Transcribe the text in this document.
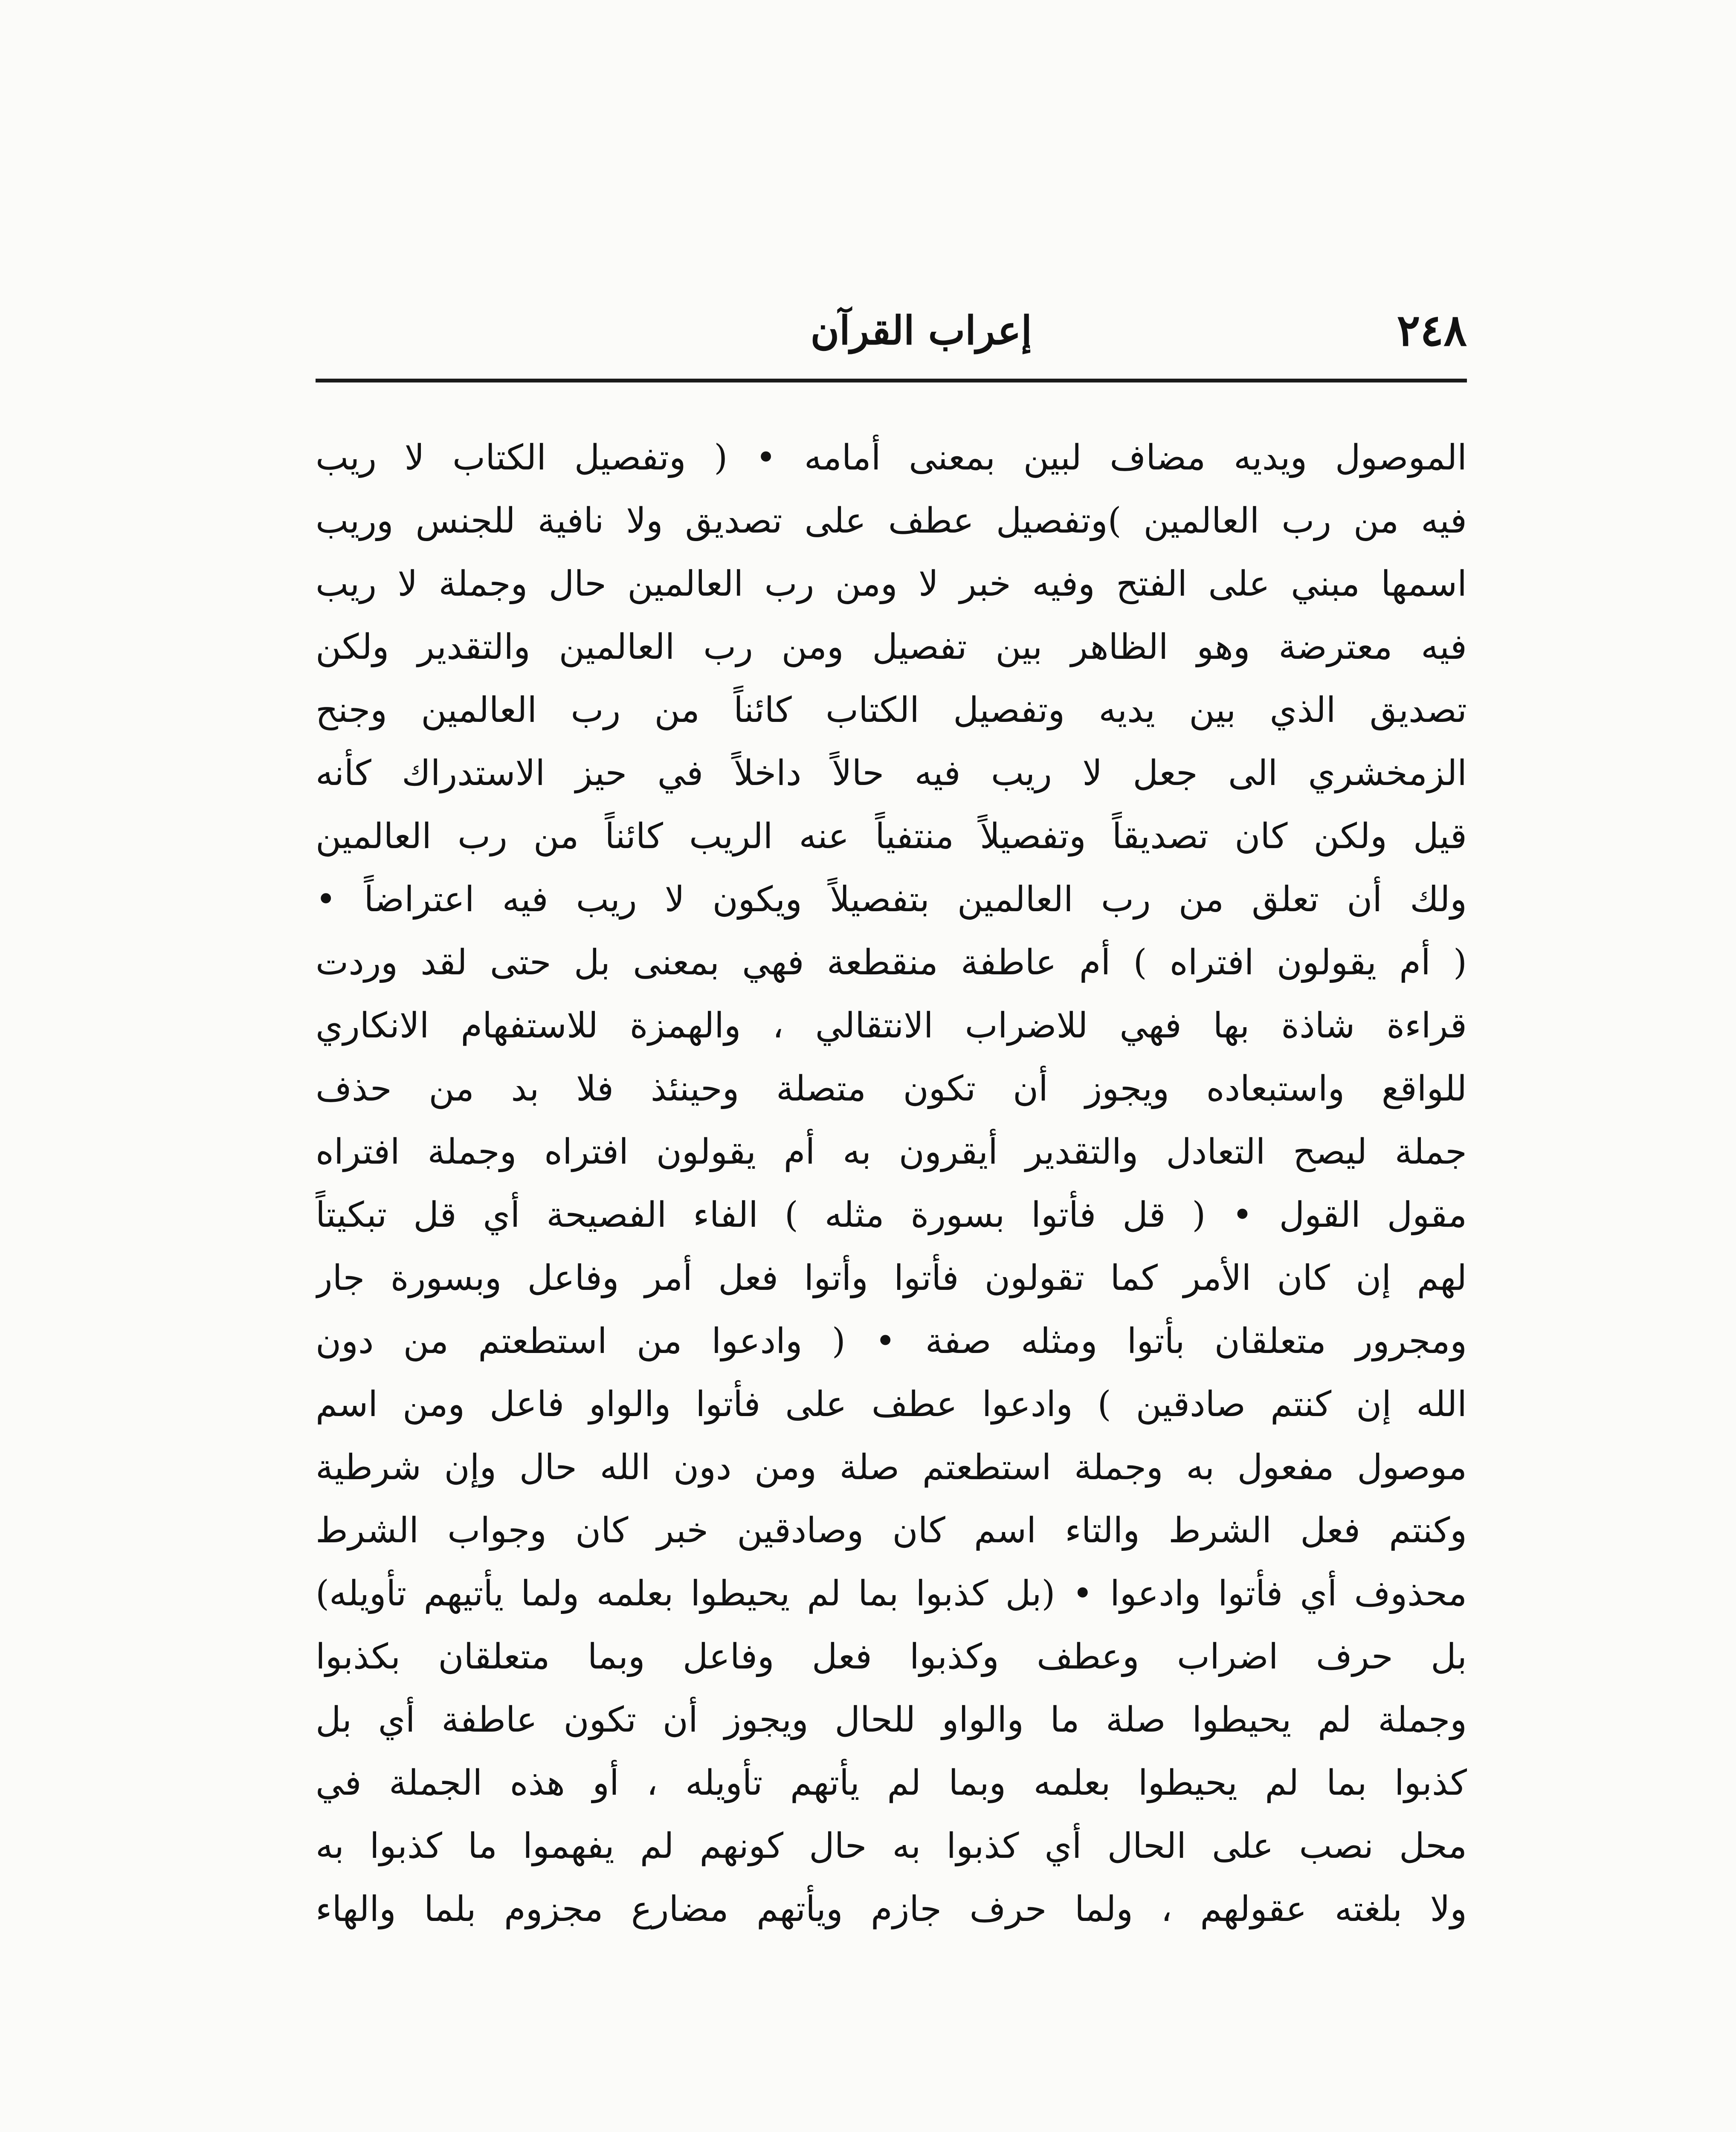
٢٤٨
إعراب القرآن
الموصول ويديه مضاف لبين بمعنى أمامه • ( وتفصيل الكتاب لا ريب
فيه من رب العالمين )وتفصيل عطف على تصديق ولا نافية للجنس وريب
اسمها مبني على الفتح وفيه خبر لا ومن رب العالمين حال وجملة لا ريب
فيه معترضة وهو الظاهر بين تفصيل ومن رب العالمين والتقدير ولكن
تصديق الذي بين يديه وتفصيل الكتاب كائناً من رب العالمين وجنح
الزمخشري الى جعل لا ريب فيه حالاً داخلاً في حيز الاستدراك كأنه
قيل ولكن كان تصديقاً وتفصيلاً منتفياً عنه الريب كائناً من رب العالمين
ولك أن تعلق من رب العالمين بتفصيلاً ويكون لا ريب فيه اعتراضاً •
( أم يقولون افتراه ) أم عاطفة منقطعة فهي بمعنى بل حتى لقد وردت
قراءة شاذة بها فهي للاضراب الانتقالي ، والهمزة للاستفهام الانكاري
للواقع واستبعاده ويجوز أن تكون متصلة وحينئذ فلا بد من حذف
جملة ليصح التعادل والتقدير أيقرون به أم يقولون افتراه وجملة افتراه
مقول القول • ( قل فأتوا بسورة مثله ) الفاء الفصيحة أي قل تبكيتاً
لهم إن كان الأمر كما تقولون فأتوا وأتوا فعل أمر وفاعل وبسورة جار
ومجرور متعلقان بأتوا ومثله صفة • ( وادعوا من استطعتم من دون
الله إن كنتم صادقين ) وادعوا عطف على فأتوا والواو فاعل ومن اسم
موصول مفعول به وجملة استطعتم صلة ومن دون الله حال وإن شرطية
وكنتم فعل الشرط والتاء اسم كان وصادقين خبر كان وجواب الشرط
محذوف أي فأتوا وادعوا • (بل كذبوا بما لم يحيطوا بعلمه ولما يأتيهم تأويله)
بل حرف اضراب وعطف وكذبوا فعل وفاعل وبما متعلقان بكذبوا
وجملة لم يحيطوا صلة ما والواو للحال ويجوز أن تكون عاطفة أي بل
كذبوا بما لم يحيطوا بعلمه وبما لم يأتهم تأويله ، أو هذه الجملة في
محل نصب على الحال أي كذبوا به حال كونهم لم يفهموا ما كذبوا به
ولا بلغته عقولهم ، ولما حرف جازم ويأتهم مضارع مجزوم بلما والهاء
